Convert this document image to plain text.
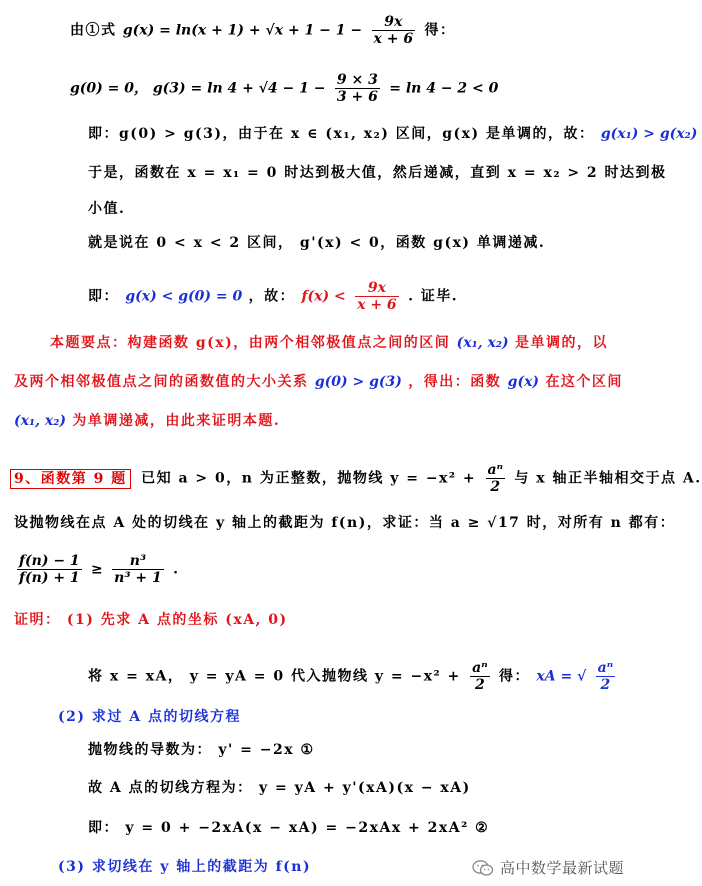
由①式 $g(x) = \ln(x + 1) + √x + 1 - 1 - \frac{9x}{x + 6}$ 得：
g(0) = 0， $g(3) = \ln 4 + √4 - 1 - \frac{9 \times 3}{3 + 6} = \ln 4 - 2 < 0$
即：g(0) > g(3)，由于在 x ∈ (x₁, x₂) 区间，g(x) 是单调的，故： g(x₁) > g(x₂)
于是，函数在 x = x₁ = 0 时达到极大值，然后递减，直到 x = x₂ > 2 时达到极
小值.
就是说在 0 < x < 2 区间， g'(x) < 0，函数 g(x) 单调递减.
即： g(x) < g(0) = 0 ，故： $f(x) < \frac{9x}{x + 6}$ . 证毕.
本题要点：构建函数 g(x)，由两个相邻极值点之间的区间 (x₁, x₂) 是单调的，以
及两个相邻极值点之间的函数值的大小关系 g(0) > g(3) ，得出：函数 g(x) 在这个区间
(x₁, x₂) 为单调递减，由此来证明本题.
9、函数第 9 题 已知 a > 0，n 为正整数，抛物线 $y = -x^2 + \frac{\text{aⁿ}}{2}$ 与 x 轴正半轴相交于点 A.
设抛物线在点 A 处的切线在 y 轴上的截距为 f(n)，求证：当 a ≥ √17 时，对所有 n 都有：
$\frac{f(n) - 1}{f(n) + 1} \ge \frac{\text{n³}}{\text{n³ + 1}}$ .
证明： (1) 先求 A 点的坐标 (xA, 0)
将 x = xA， y = yA = 0 代入抛物线 $y = -x^2 + \frac{\text{aⁿ}}{2}$ 得： xA = √ $\frac{\text{aⁿ}}{2}$
(2) 求过 A 点的切线方程
抛物线的导数为： y' = −2x ①
故 A 点的切线方程为： y = yA + y'(xA)(x − xA)
即： y = 0 + −2xA(x − xA) = −2xAx + 2xA² ②
(3) 求切线在 y 轴上的截距为 f(n)	高中数学最新试题
